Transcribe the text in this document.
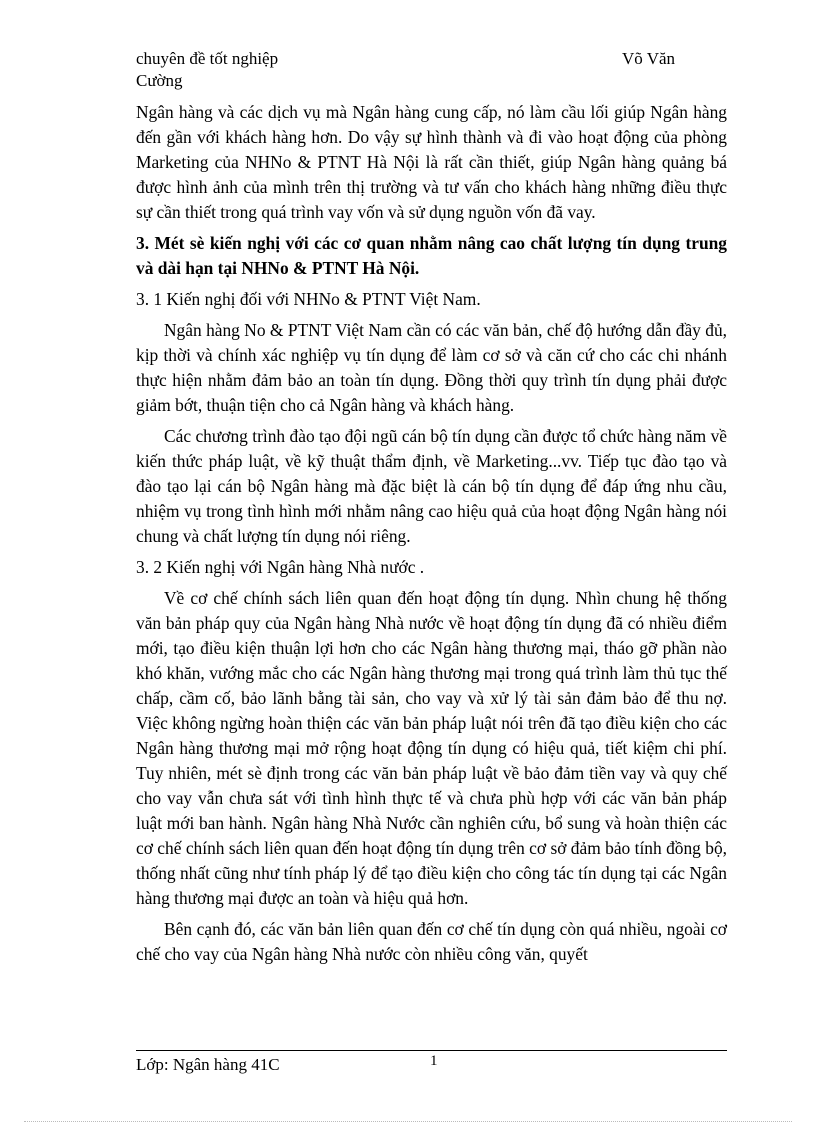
chuyên đề tốt nghiệp	Võ Văn
Cường

Ngân hàng và các dịch vụ mà Ngân hàng cung cấp, nó làm cầu lối giúp Ngân hàng đến gần với khách hàng hơn. Do vậy sự hình thành và đi vào hoạt động của phòng Marketing của NHNo & PTNT Hà Nội là rất cần thiết, giúp Ngân hàng quảng bá được hình ảnh của mình trên thị trường và tư vấn cho khách hàng những điều thực sự cần thiết trong quá trình vay vốn và sử dụng nguồn vốn đã vay.

3. Mét sè kiến nghị với các cơ quan nhằm nâng cao chất lượng tín dụng trung và dài hạn tại NHNo & PTNT Hà Nội.

3. 1 Kiến nghị đối với NHNo & PTNT Việt Nam.

Ngân hàng No & PTNT Việt Nam cần có các văn bản, chế độ hướng dẫn đầy đủ, kịp thời và chính xác nghiệp vụ tín dụng để làm cơ sở và căn cứ cho các chi nhánh thực hiện nhằm đảm bảo an toàn tín dụng. Đồng thời quy trình tín dụng phải được giảm bớt, thuận tiện cho cả Ngân hàng và khách hàng.

Các chương trình đào tạo đội ngũ cán bộ tín dụng cần được tổ chức hàng năm về kiến thức pháp luật, về kỹ thuật thẩm định, về Marketing...vv. Tiếp tục đào tạo và đào tạo lại cán bộ Ngân hàng mà đặc biệt là cán bộ tín dụng để đáp ứng nhu cầu, nhiệm vụ trong tình hình mới nhằm nâng cao hiệu quả của hoạt động Ngân hàng nói chung và chất lượng tín dụng nói riêng.

3. 2 Kiến nghị với Ngân hàng Nhà nước .

Về cơ chế chính sách liên quan đến hoạt động tín dụng. Nhìn chung hệ thống văn bản pháp quy của Ngân hàng Nhà nước về hoạt động tín dụng đã có nhiều điểm mới, tạo điều kiện thuận lợi hơn cho các Ngân hàng thương mại, tháo gỡ phần nào khó khăn, vướng mắc cho các Ngân hàng thương mại trong quá trình làm thủ tục thế chấp, cầm cố, bảo lãnh bằng tài sản, cho vay và xử lý tài sản đảm bảo để thu nợ. Việc không ngừng hoàn thiện các văn bản pháp luật nói trên đã tạo điều kiện cho các Ngân hàng thương mại mở rộng hoạt động tín dụng có hiệu quả, tiết kiệm chi phí. Tuy nhiên, mét sè định trong các văn bản pháp luật về bảo đảm tiền vay và quy chế cho vay vẫn chưa sát với tình hình thực tế và chưa phù hợp với các văn bản pháp luật mới ban hành. Ngân hàng Nhà Nước cần nghiên cứu, bổ sung và hoàn thiện các cơ chế chính sách liên quan đến hoạt động tín dụng trên cơ sở đảm bảo tính đồng bộ, thống nhất cũng như tính pháp lý để tạo điều kiện cho công tác tín dụng tại các Ngân hàng thương mại được an toàn và hiệu quả hơn.

Bên cạnh đó, các văn bản liên quan đến cơ chế tín dụng còn quá nhiều, ngoài cơ chế cho vay của Ngân hàng Nhà nước còn nhiều công văn, quyết

Lớp: Ngân hàng 41C	1
